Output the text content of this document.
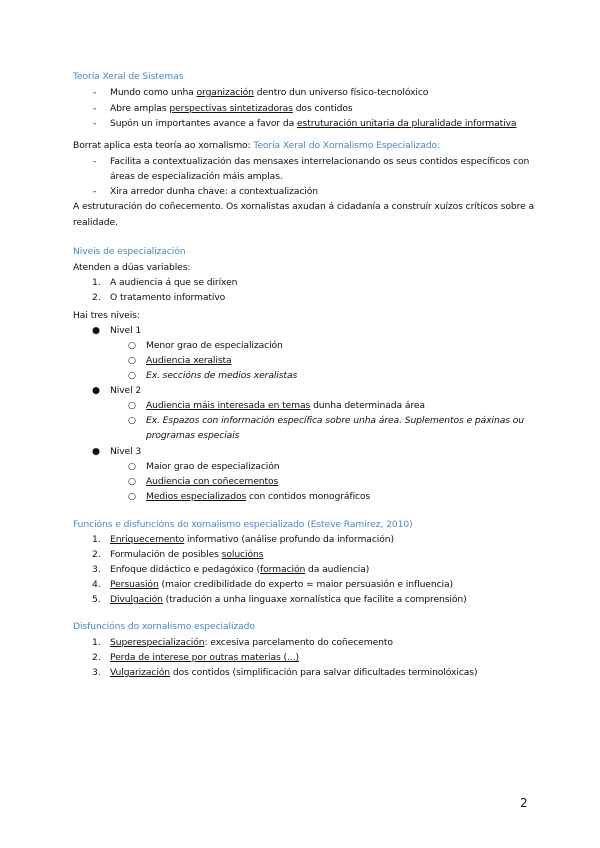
Teoría Xeral de Sistemas
- Mundo como unha organización dentro dun universo físico-tecnolóxico
- Abre amplas perspectivas sintetizadoras dos contidos
- Supón un importantes avance a favor da estruturación unitaria da pluralidade informativa
Borrat aplica esta teoría ao xornalismo: Teoría Xeral do Xornalismo Especializado:
- Facilita a contextualización das mensaxes interrelacionando os seus contidos específicos con
áreas de especialización máis amplas.
- Xira arredor dunha chave: a contextualización
A estruturación do coñecemento. Os xornalistas axudan á cidadanía a construír xuízos críticos sobre a
realidade.
Niveis de especialización
Atenden a dúas variables:
1. A audiencia á que se diríxen
2. O tratamento informativo
Hai tres niveis:
● Nivel 1
○ Menor grao de especialización
○ Audiencia xeralista
○ Ex. seccións de medios xeralistas
● Nivel 2
○ Audiencia máis interesada en temas dunha determinada área
○ Ex. Espazos con información específica sobre unha área. Suplementos e páxinas ou
programas especiais
● Nivel 3
○ Maior grao de especialización
○ Audiencia con coñecementos
○ Medios especializados con contidos monográficos
Funcións e disfuncións do xornalismo especializado (Esteve Ramírez, 2010)
1. Enriquecemento informativo (análise profundo da información)
2. Formulación de posibles solucións
3. Enfoque didáctico e pedagóxico (formación da audiencia)
4. Persuasión (maior credibilidade do experto = maior persuasión e influencia)
5. Divulgación (tradución a unha linguaxe xornalística que facilite a comprensión)
Disfuncións do xornalismo especializado
1. Superespecialización: excesiva parcelamento do coñecemento
2. Perda de interese por outras materias (...)
3. Vulgarización dos contidos (simplificación para salvar dificultades terminolóxicas)
2
